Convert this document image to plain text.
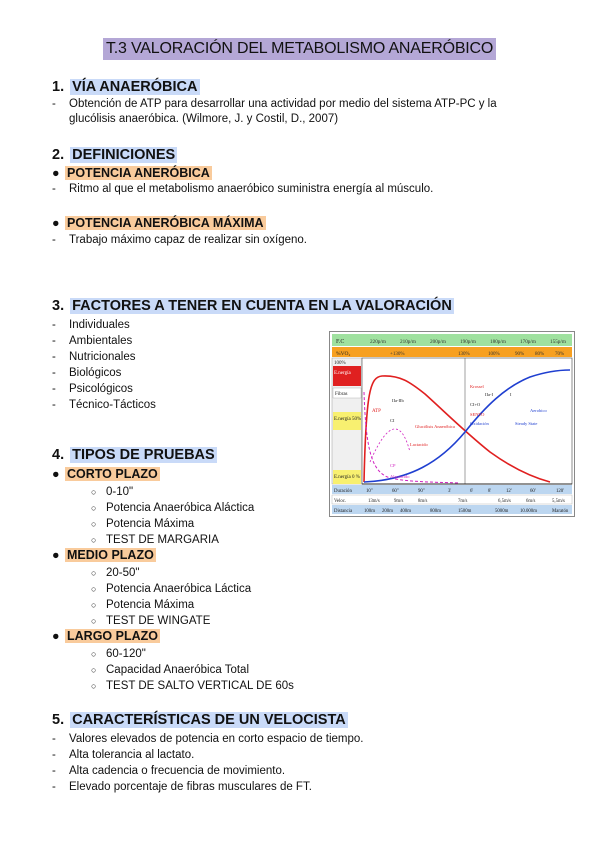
T.3 VALORACIÓN DEL METABOLISMO ANAERÓBICO
1. VÍA ANAERÓBICA
- Obtención de ATP para desarrollar una actividad por medio del sistema ATP-PC y la
glucólisis anaeróbica. (Wilmore, J. y Costil, D., 2007)
2. DEFINICIONES
● POTENCIA ANERÓBICA
- Ritmo al que el metabolismo anaeróbico suministra energía al músculo.
● POTENCIA ANERÓBICA MÁXIMA
- Trabajo máximo capaz de realizar sin oxígeno.
3. FACTORES A TENER EN CUENTA EN LA VALORACIÓN
- Individuales
- Ambientales
- Nutricionales
- Biológicos
- Psicológicos
- Técnico-Tácticos
4. TIPOS DE PRUEBAS
● CORTO PLAZO
○ 0-10"
○ Potencia Anaeróbica Aláctica
○ Potencia Máxima
○ TEST DE MARGARIA
● MEDIO PLAZO
○ 20-50"
○ Potencia Anaeróbica Láctica
○ Potencia Máxima
○ TEST DE WINGATE
● LARGO PLAZO
○ 60-120"
○ Capacidad Anaeróbica Total
○ TEST DE SALTO VERTICAL DE 60s
5. CARACTERÍSTICAS DE UN VELOCISTA
- Valores elevados de potencia en corto espacio de tiempo.
- Alta tolerancia al lactato.
- Alta cadencia o frecuencia de movimiento.
- Elevado porcentaje de fibras musculares de FT.
F.C	220p/m	210p/m	200p/m	190p/m	180p/m	170p/m	155p/m
%VO₂	+130%	130%	100%	90% 80% 70%
100%
E.nergía
Fibras
E.nergía 50%
E.nergía 0 %
ATP
CI
Glucólisis Anaeróbica
Lactacido
IIa-IIb
Krossel
Oxidación	Steady State
Aerobico
CI+O
SENTO
IIa-I	I
CP
Alactacido
Duración	10"	60"	90"	3'	6'	8'	12'	60'	120'
Veloc.	13m/s	9m/s	8m/s	7m/s	6,5m/s	6m/s	5,5m/s
Distancia 100m 200m 400m	800m	1500m	5000m 10.000m	Maratón
